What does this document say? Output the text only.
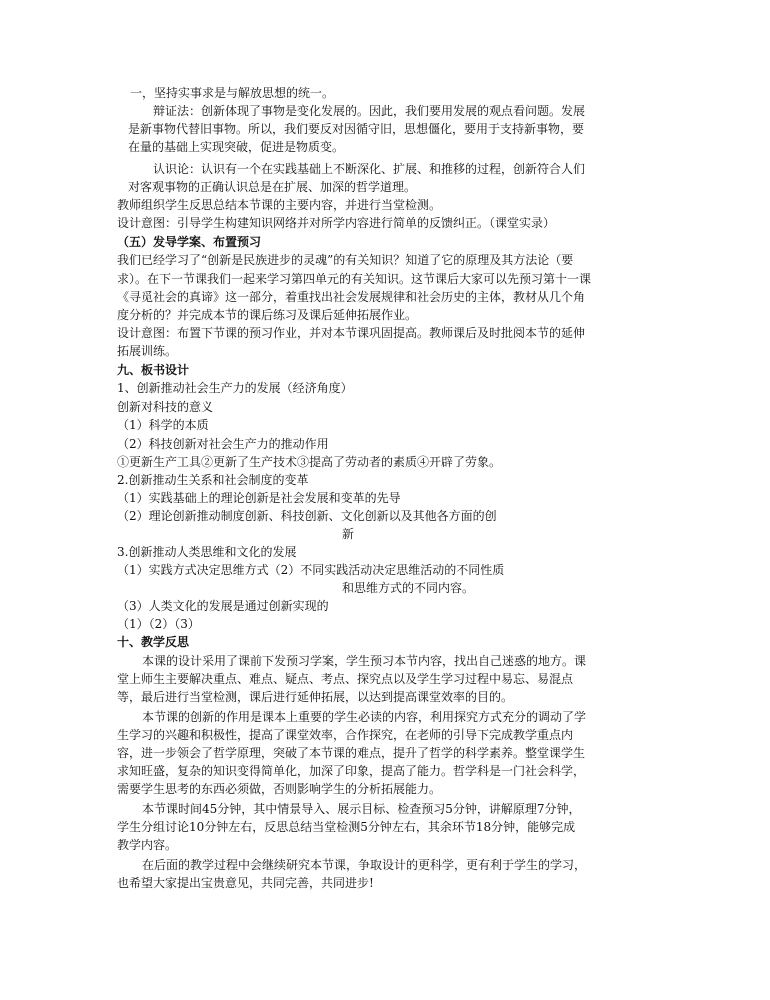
一，坚持实事求是与解放思想的统一。
辩证法：创新体现了事物是变化发展的。因此，我们要用发展的观点看问题。发展
是新事物代替旧事物。所以，我们要反对因循守旧，思想僵化，要用于支持新事物，要
在量的基础上实现突破，促进是物质变。
认识论：认识有一个在实践基础上不断深化、扩展、和推移的过程，创新符合人们
对客观事物的正确认识总是在扩展、加深的哲学道理。
教师组织学生反思总结本节课的主要内容，并进行当堂检测。
设计意图：引导学生构建知识网络并对所学内容进行简单的反馈纠正。（课堂实录）
（五）发导学案、布置预习
我们已经学习了“创新是民族进步的灵魂”的有关知识？知道了它的原理及其方法论（要
求）。在下一节课我们一起来学习第四单元的有关知识。这节课后大家可以先预习第十一课
《寻觅社会的真谛》这一部分，着重找出社会发展规律和社会历史的主体，教材从几个角
度分析的？并完成本节的课后练习及课后延伸拓展作业。
设计意图：布置下节课的预习作业，并对本节课巩固提高。教师课后及时批阅本节的延伸
拓展训练。
九、板书设计
1、创新推动社会生产力的发展（经济角度）
创新对科技的意义
（1）科学的本质
（2）科技创新对社会生产力的推动作用
①更新生产工具②更新了生产技术③提高了劳动者的素质④开辟了劳象。
2.创新推动生关系和社会制度的变革
（1）实践基础上的理论创新是社会发展和变革的先导
（2）理论创新推动制度创新、科技创新、文化创新以及其他各方面的创
新
3.创新推动人类思维和文化的发展
（1）实践方式决定思维方式（2）不同实践活动决定思维活动的不同性质
和思维方式的不同内容。
（3）人类文化的发展是通过创新实现的
（1）（2）（3）
十、教学反思
本课的设计采用了课前下发预习学案，学生预习本节内容，找出自己迷惑的地方。课
堂上师生主要解决重点、难点、疑点、考点、探究点以及学生学习过程中易忘、易混点
等，最后进行当堂检测，课后进行延伸拓展，以达到提高课堂效率的目的。
本节课的创新的作用是课本上重要的学生必读的内容，利用探究方式充分的调动了学
生学习的兴趣和积极性，提高了课堂效率，合作探究，在老师的引导下完成教学重点内
容，进一步领会了哲学原理，突破了本节课的难点，提升了哲学的科学素养。整堂课学生
求知旺盛，复杂的知识变得简单化，加深了印象，提高了能力。哲学科是一门社会科学，
需要学生思考的东西必须做，否则影响学生的分析拓展能力。
本节课时间45分钟，其中情景导入、展示目标、检查预习5分钟，讲解原理7分钟，
学生分组讨论10分钟左右，反思总结当堂检测5分钟左右，其余环节18分钟，能够完成
教学内容。
在后面的教学过程中会继续研究本节课，争取设计的更科学，更有利于学生的学习，
也希望大家提出宝贵意见，共同完善，共同进步!
